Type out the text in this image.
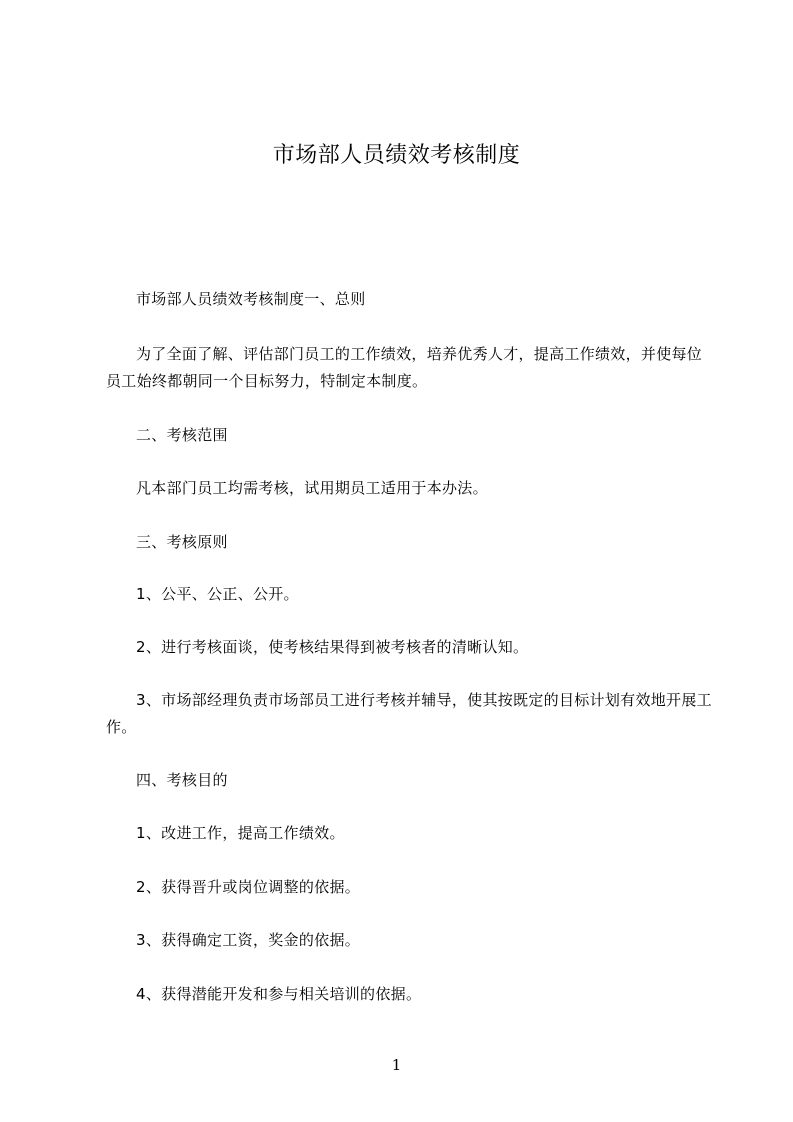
市场部人员绩效考核制度
市场部人员绩效考核制度一、总则
为了全面了解、评估部门员工的工作绩效，培养优秀人才，提高工作绩效，并使每位员工始终都朝同一个目标努力，特制定本制度。
二、考核范围
凡本部门员工均需考核，试用期员工适用于本办法。
三、考核原则
1、公平、公正、公开。
2、进行考核面谈，使考核结果得到被考核者的清晰认知。
3、市场部经理负责市场部员工进行考核并辅导，使其按既定的目标计划有效地开展工作。
四、考核目的
1、改进工作，提高工作绩效。
2、获得晋升或岗位调整的依据。
3、获得确定工资，奖金的依据。
4、获得潜能开发和参与相关培训的依据。
1
